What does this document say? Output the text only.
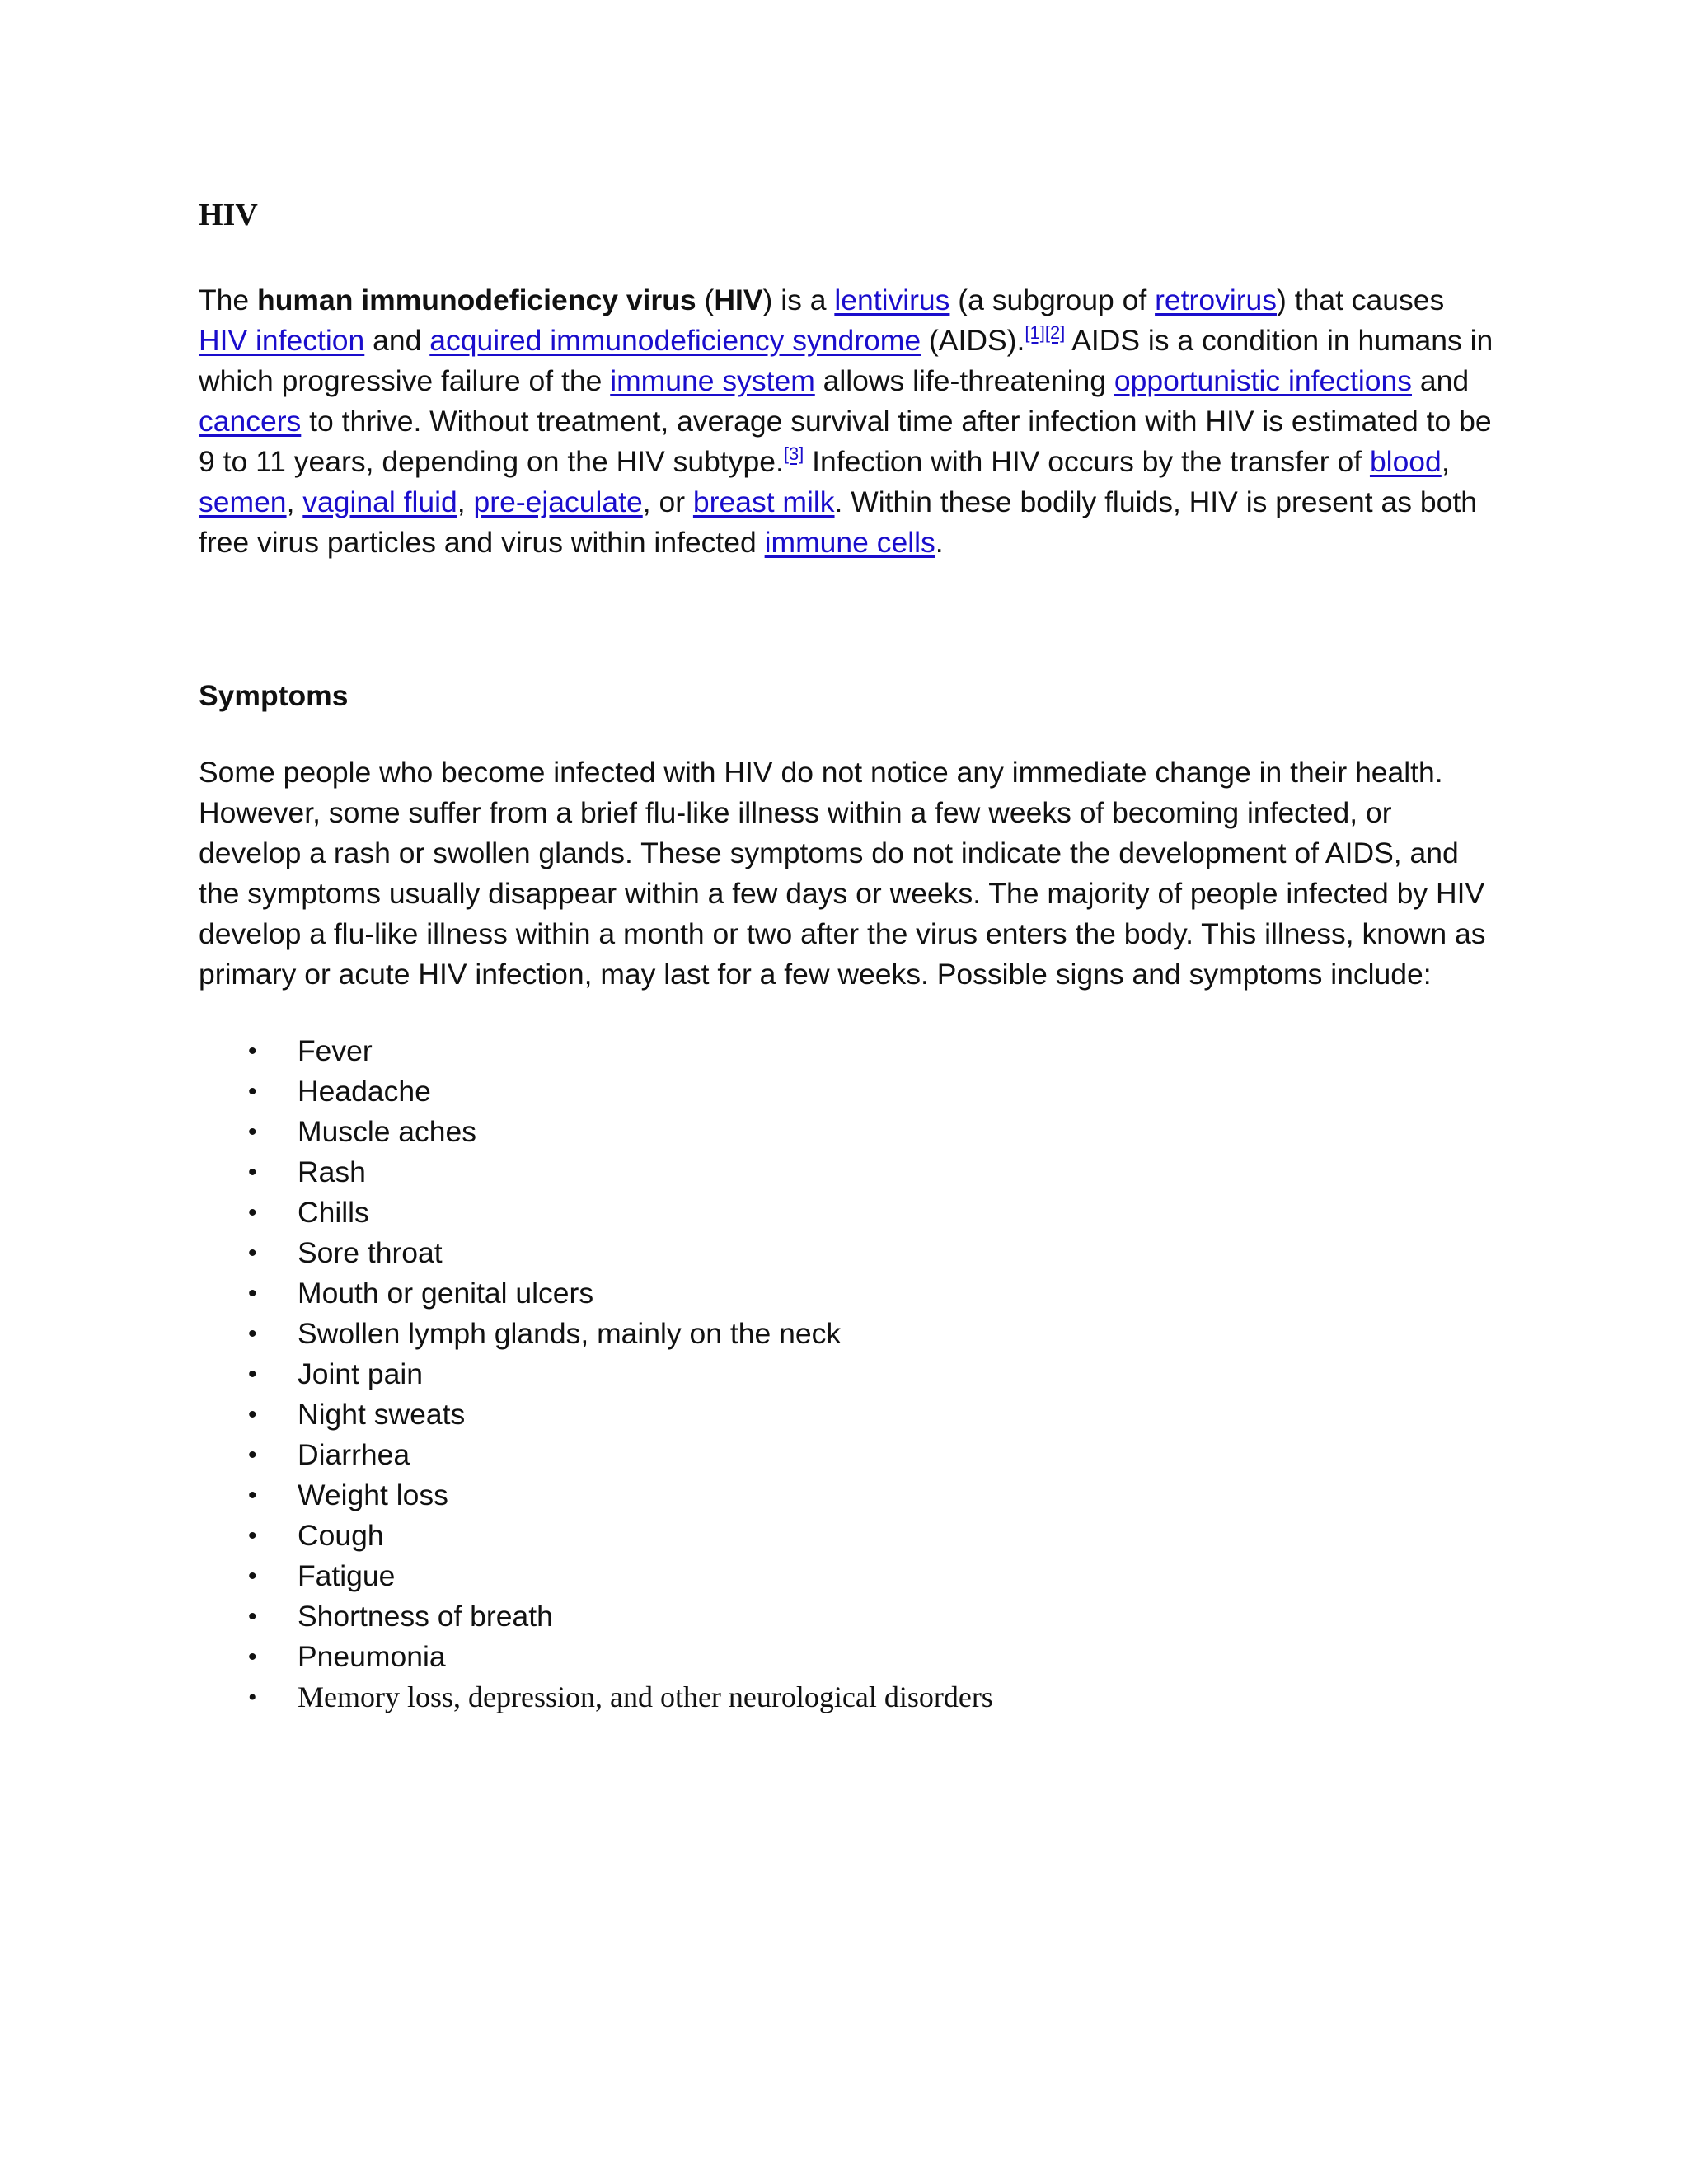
HIV

The human immunodeficiency virus (HIV) is a lentivirus (a subgroup of retrovirus) that causes HIV infection and acquired immunodeficiency syndrome (AIDS).[1][2] AIDS is a condition in humans in which progressive failure of the immune system allows life-threatening opportunistic infections and cancers to thrive. Without treatment, average survival time after infection with HIV is estimated to be 9 to 11 years, depending on the HIV subtype.[3] Infection with HIV occurs by the transfer of blood, semen, vaginal fluid, pre-ejaculate, or breast milk. Within these bodily fluids, HIV is present as both free virus particles and virus within infected immune cells.

Symptoms

Some people who become infected with HIV do not notice any immediate change in their health. However, some suffer from a brief flu-like illness within a few weeks of becoming infected, or develop a rash or swollen glands. These symptoms do not indicate the development of AIDS, and the symptoms usually disappear within a few days or weeks. The majority of people infected by HIV develop a flu-like illness within a month or two after the virus enters the body. This illness, known as primary or acute HIV infection, may last for a few weeks. Possible signs and symptoms include:

• Fever
• Headache
• Muscle aches
• Rash
• Chills
• Sore throat
• Mouth or genital ulcers
• Swollen lymph glands, mainly on the neck
• Joint pain
• Night sweats
• Diarrhea
• Weight loss
• Cough
• Fatigue
• Shortness of breath
• Pneumonia
• Memory loss, depression, and other neurological disorders
